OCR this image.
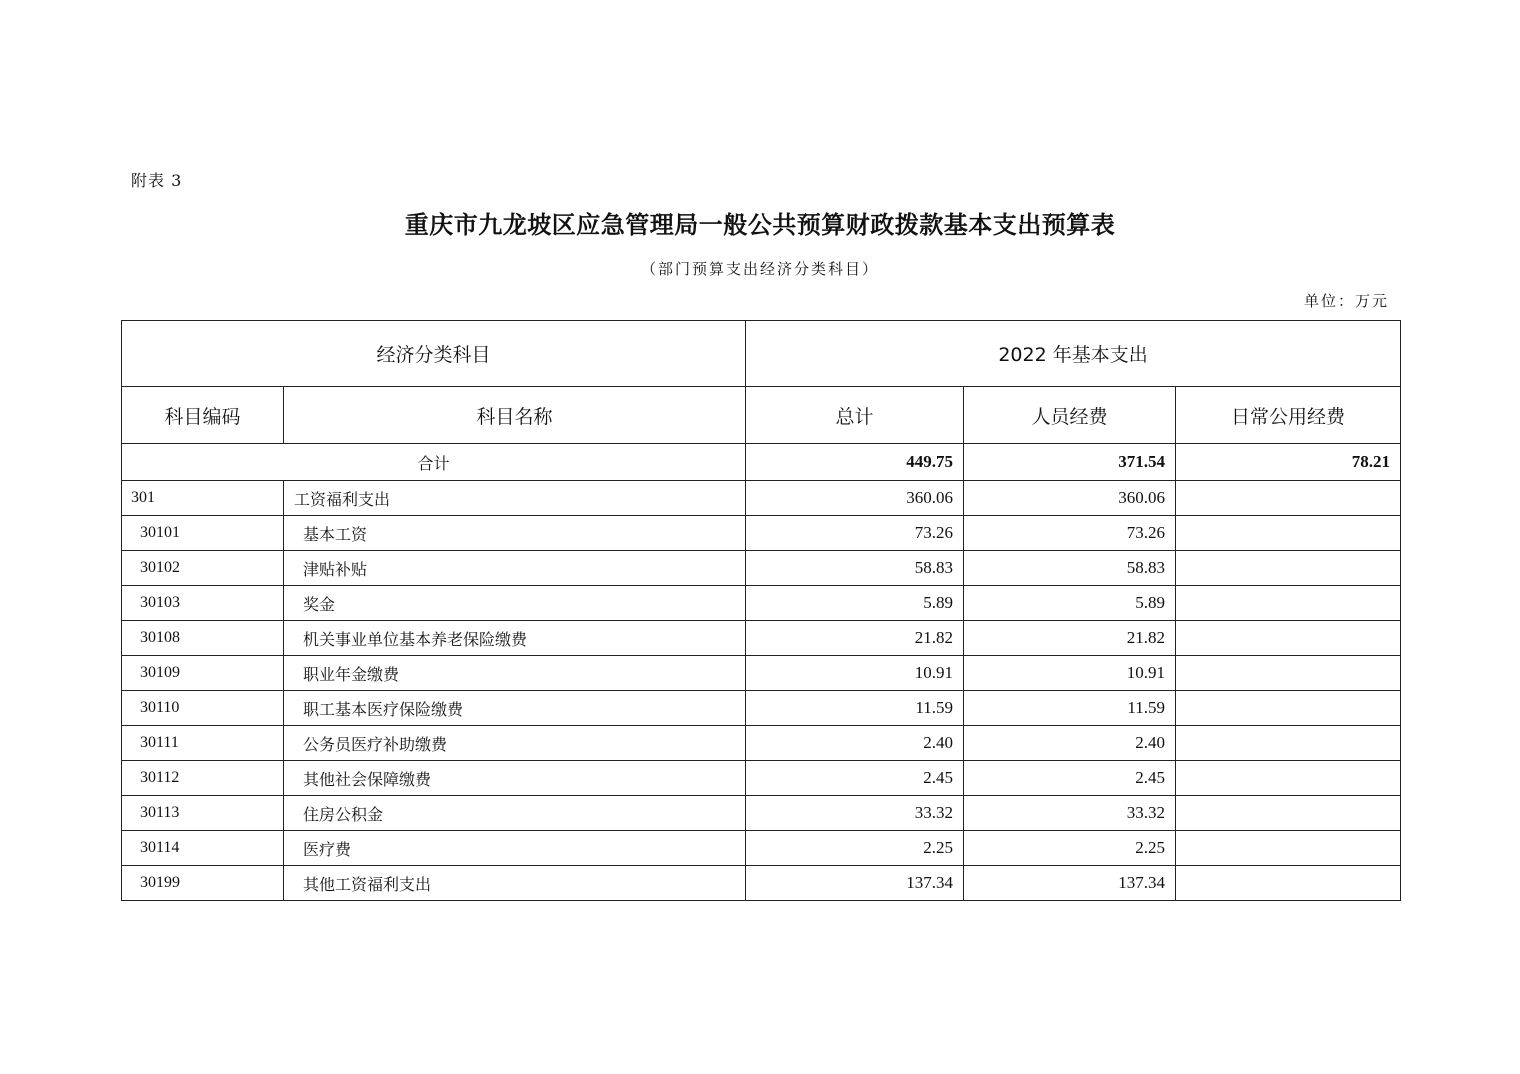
附表 3
重庆市九龙坡区应急管理局一般公共预算财政拨款基本支出预算表
（部门预算支出经济分类科目）
单位：万元
经济分类科目		2022 年基本支出		
科目编码	科目名称	总计	人员经费	日常公用经费
合计		449.75	371.54	78.21
301	工资福利支出	360.06	360.06	
30101	基本工资	73.26	73.26	
30102	津贴补贴	58.83	58.83	
30103	奖金	5.89	5.89	
30108	机关事业单位基本养老保险缴费	21.82	21.82	
30109	职业年金缴费	10.91	10.91	
30110	职工基本医疗保险缴费	11.59	11.59	
30111	公务员医疗补助缴费	2.40	2.40	
30112	其他社会保障缴费	2.45	2.45	
30113	住房公积金	33.32	33.32	
30114	医疗费	2.25	2.25	
30199	其他工资福利支出	137.34	137.34	
